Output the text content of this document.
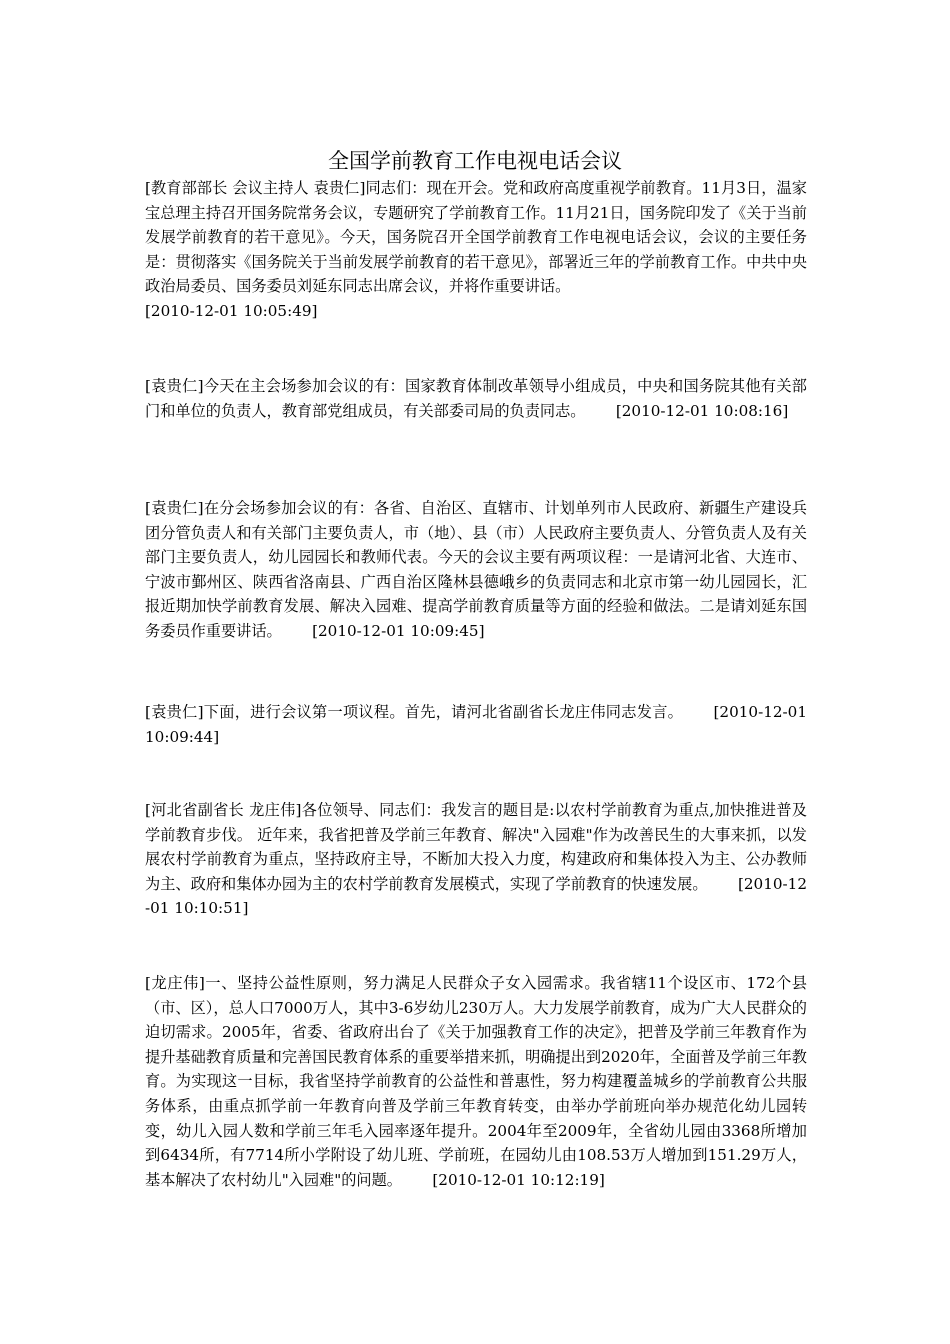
全国学前教育工作电视电话会议

[教育部部长 会议主持人 袁贵仁]同志们：现在开会。党和政府高度重视学前教育。11月3日，温家宝总理主持召开国务院常务会议，专题研究了学前教育工作。11月21日，国务院印发了《关于当前发展学前教育的若干意见》。今天，国务院召开全国学前教育工作电视电话会议，会议的主要任务是：贯彻落实《国务院关于当前发展学前教育的若干意见》，部署近三年的学前教育工作。中共中央政治局委员、国务委员刘延东同志出席会议，并将作重要讲话。
[2010-12-01 10:05:49]

[袁贵仁]今天在主会场参加会议的有：国家教育体制改革领导小组成员，中央和国务院其他有关部门和单位的负责人，教育部党组成员，有关部委司局的负责同志。   [2010-12-01 10:08:16]

[袁贵仁]在分会场参加会议的有：各省、自治区、直辖市、计划单列市人民政府、新疆生产建设兵团分管负责人和有关部门主要负责人，市（地）、县（市）人民政府主要负责人、分管负责人及有关部门主要负责人，幼儿园园长和教师代表。今天的会议主要有两项议程：一是请河北省、大连市、宁波市鄞州区、陕西省洛南县、广西自治区隆林县德峨乡的负责同志和北京市第一幼儿园园长，汇报近期加快学前教育发展、解决入园难、提高学前教育质量等方面的经验和做法。二是请刘延东国务委员作重要讲话。   [2010-12-01 10:09:45]

[袁贵仁]下面，进行会议第一项议程。首先，请河北省副省长龙庄伟同志发言。   [2010-12-01 10:09:44]

[河北省副省长 龙庄伟]各位领导、同志们：我发言的题目是:以农村学前教育为重点,加快推进普及学前教育步伐。 近年来，我省把普及学前三年教育、解决"入园难"作为改善民生的大事来抓，以发展农村学前教育为重点，坚持政府主导，不断加大投入力度，构建政府和集体投入为主、公办教师为主、政府和集体办园为主的农村学前教育发展模式，实现了学前教育的快速发展。   [2010-12-01 10:10:51]

[龙庄伟]一、坚持公益性原则，努力满足人民群众子女入园需求。我省辖11个设区市、172个县（市、区），总人口7000万人，其中3-6岁幼儿230万人。大力发展学前教育，成为广大人民群众的迫切需求。2005年，省委、省政府出台了《关于加强教育工作的决定》，把普及学前三年教育作为提升基础教育质量和完善国民教育体系的重要举措来抓，明确提出到2020年，全面普及学前三年教育。为实现这一目标，我省坚持学前教育的公益性和普惠性，努力构建覆盖城乡的学前教育公共服务体系，由重点抓学前一年教育向普及学前三年教育转变，由举办学前班向举办规范化幼儿园转变，幼儿入园人数和学前三年毛入园率逐年提升。2004年至2009年，全省幼儿园由3368所增加到6434所，有7714所小学附设了幼儿班、学前班，在园幼儿由108.53万人增加到151.29万人，基本解决了农村幼儿"入园难"的问题。   [2010-12-01 10:12:19]
